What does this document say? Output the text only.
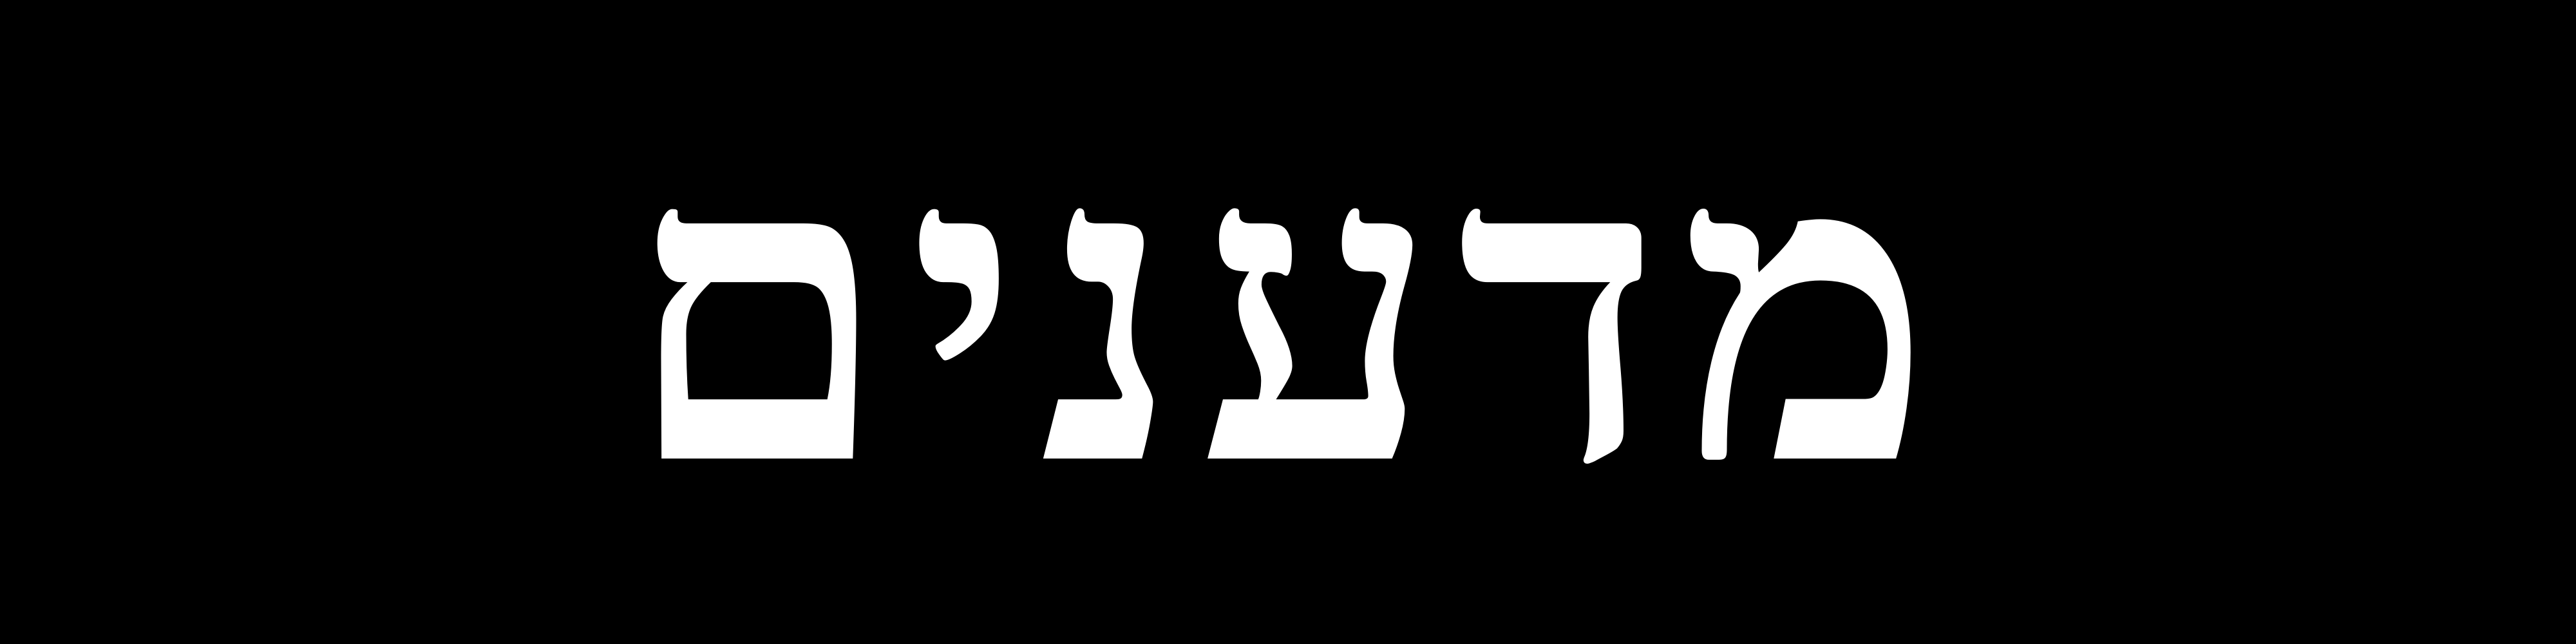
מדענים
